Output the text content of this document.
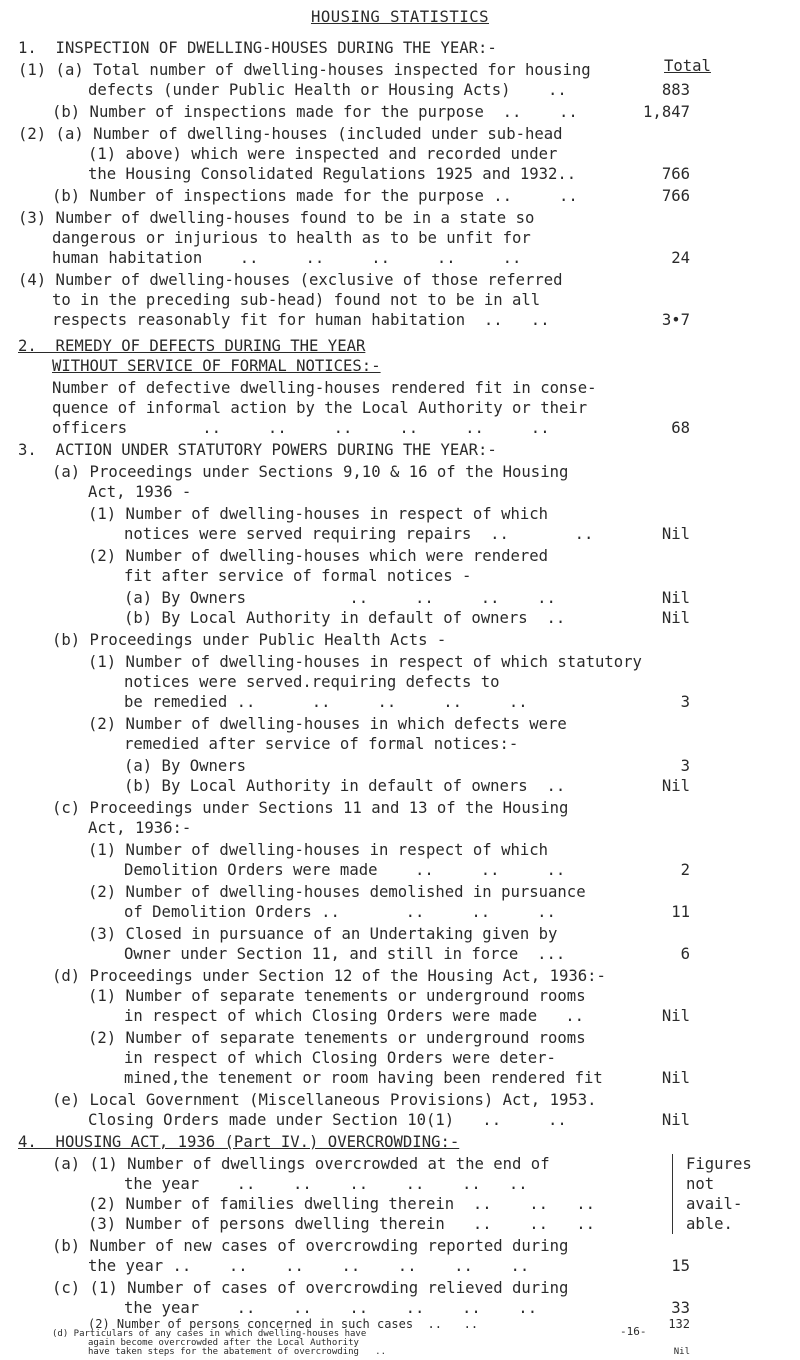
HOUSING STATISTICS
Total
1.  INSPECTION OF DWELLING-HOUSES DURING THE YEAR:-
(1) (a) Total number of dwelling-houses inspected for housing
defects (under Public Health or Housing Acts)    ..	883
(b) Number of inspections made for the purpose  ..    ..	1,847
(2) (a) Number of dwelling-houses (included under sub-head
(1) above) which were inspected and recorded under
the Housing Consolidated Regulations 1925 and 1932..	766
(b) Number of inspections made for the purpose ..     ..	766
(3) Number of dwelling-houses found to be in a state so
dangerous or injurious to health as to be unfit for
human habitation    ..     ..     ..     ..     ..	24
(4) Number of dwelling-houses (exclusive of those referred
to in the preceding sub-head) found not to be in all
respects reasonably fit for human habitation  ..   ..	3•7
2.  REMEDY OF DEFECTS DURING THE YEAR
WITHOUT SERVICE OF FORMAL NOTICES:-
Number of defective dwelling-houses rendered fit in conse-
quence of informal action by the Local Authority or their
officers        ..     ..     ..     ..     ..     ..	68
3.  ACTION UNDER STATUTORY POWERS DURING THE YEAR:-
(a) Proceedings under Sections 9,10 & 16 of the Housing
Act, 1936 -
(1) Number of dwelling-houses in respect of which
notices were served requiring repairs  ..       ..	Nil
(2) Number of dwelling-houses which were rendered
fit after service of formal notices -
(a) By Owners           ..     ..     ..    ..	Nil
(b) By Local Authority in default of owners  ..	Nil
(b) Proceedings under Public Health Acts -
(1) Number of dwelling-houses in respect of which statutory
notices were served.requiring defects to
be remedied ..      ..     ..     ..     ..	3
(2) Number of dwelling-houses in which defects were
remedied after service of formal notices:-
(a) By Owners	3
(b) By Local Authority in default of owners  ..	Nil
(c) Proceedings under Sections 11 and 13 of the Housing
Act, 1936:-
(1) Number of dwelling-houses in respect of which
Demolition Orders were made    ..     ..     ..	2
(2) Number of dwelling-houses demolished in pursuance
of Demolition Orders ..       ..     ..     ..	11
(3) Closed in pursuance of an Undertaking given by
Owner under Section 11, and still in force  ...	6
(d) Proceedings under Section 12 of the Housing Act, 1936:-
(1) Number of separate tenements or underground rooms
in respect of which Closing Orders were made   ..	Nil
(2) Number of separate tenements or underground rooms
in respect of which Closing Orders were deter-
mined,the tenement or room having been rendered fit	Nil
(e) Local Government (Miscellaneous Provisions) Act, 1953.
Closing Orders made under Section 10(1)   ..     ..	Nil
4.  HOUSING ACT, 1936 (Part IV.) OVERCROWDING:-
(a) (1) Number of dwellings overcrowded at the end of
the year    ..    ..    ..    ..    ..   ..
(2) Number of families dwelling therein  ..    ..   ..
(3) Number of persons dwelling therein   ..    ..   ..
Figures
not
avail-
able.
(b) Number of new cases of overcrowding reported during
the year ..    ..    ..    ..    ..    ..    ..	15
(c) (1) Number of cases of overcrowding relieved during
the year    ..    ..    ..    ..    ..    ..	33
(2) Number of persons concerned in such cases  ..   ..	132
(d) Particulars of any cases in which dwelling-houses have
again become overcrowded after the Local Authority
have taken steps for the abatement of overcrowding   ..	Nil
-16-
